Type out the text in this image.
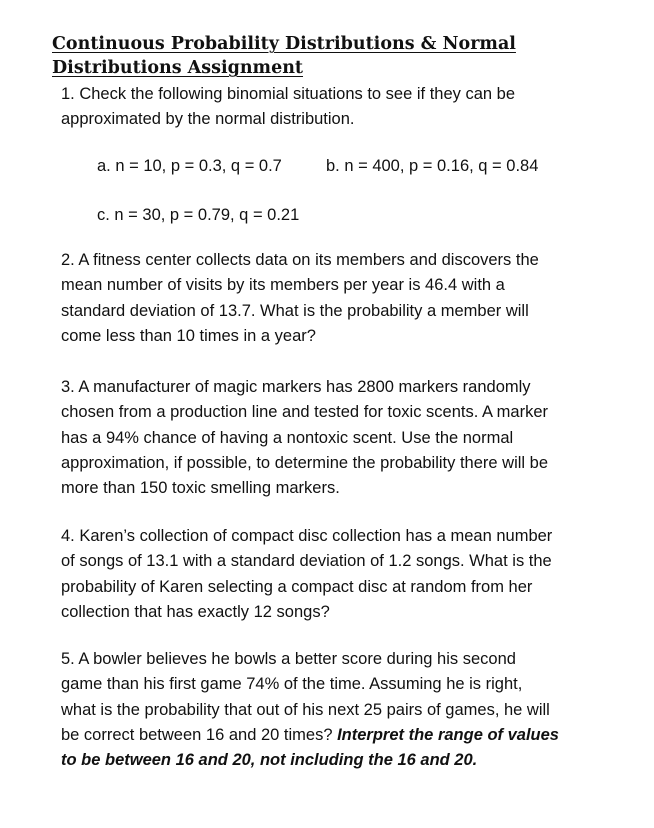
Continuous Probability Distributions & Normal
Distributions Assignment
1. Check the following binomial situations to see if they can be
approximated by the normal distribution.

a. n = 10, p = 0.3, q = 0.7	b. n = 400, p = 0.16, q = 0.84

c. n = 30, p = 0.79, q = 0.21

2. A fitness center collects data on its members and discovers the
mean number of visits by its members per year is 46.4 with a
standard deviation of 13.7. What is the probability a member will
come less than 10 times in a year?
3. A manufacturer of magic markers has 2800 markers randomly
chosen from a production line and tested for toxic scents. A marker
has a 94% chance of having a nontoxic scent. Use the normal
approximation, if possible, to determine the probability there will be
more than 150 toxic smelling markers.
4. Karen’s collection of compact disc collection has a mean number
of songs of 13.1 with a standard deviation of 1.2 songs. What is the
probability of Karen selecting a compact disc at random from her
collection that has exactly 12 songs?
5. A bowler believes he bowls a better score during his second
game than his first game 74% of the time. Assuming he is right,
what is the probability that out of his next 25 pairs of games, he will
be correct between 16 and 20 times? Interpret the range of values
to be between 16 and 20, not including the 16 and 20.
